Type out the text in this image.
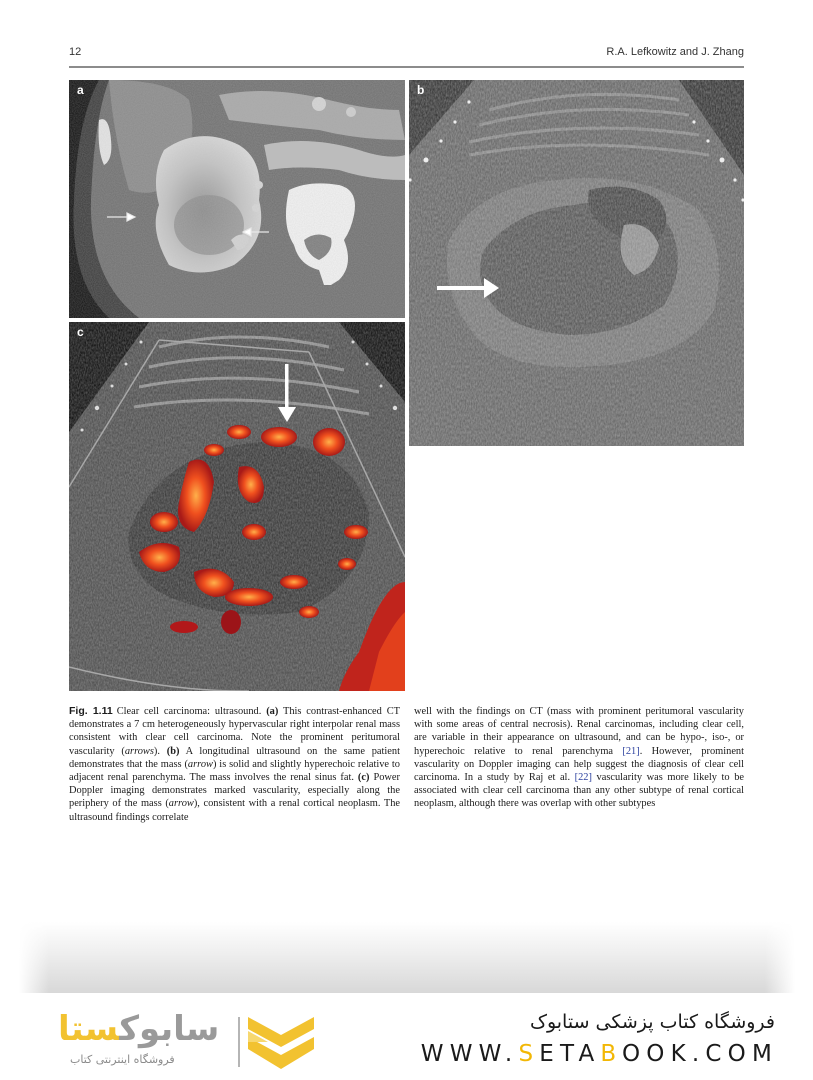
12	R.A. Lefkowitz and J. Zhang
a	b
c

Fig. 1.11 Clear cell carcinoma: ultrasound. (a) This contrast-enhanced CT demonstrates a 7 cm heterogeneously hypervascular right interpolar renal mass consistent with clear cell carcinoma. Note the prominent peritumoral vascularity (arrows). (b) A longitudinal ultrasound on the same patient demonstrates that the mass (arrow) is solid and slightly hyperechoic relative to adjacent renal parenchyma. The mass involves the renal sinus fat. (c) Power Doppler imaging demonstrates marked vascularity, especially along the periphery of the mass (arrow), consistent with a renal cortical neoplasm. The ultrasound findings correlate

well with the findings on CT (mass with prominent peritumoral vascularity with some areas of central necrosis). Renal carcinomas, including clear cell, are variable in their appearance on ultrasound, and can be hypo-, iso-, or hyperechoic relative to renal parenchyma [21]. However, prominent vascularity on Doppler imaging can help suggest the diagnosis of clear cell carcinoma. In a study by Raj et al. [22] vascularity was more likely to be associated with clear cell carcinoma than any other subtype of renal cortical neoplasm, although there was overlap with other subtypes

سابوکستا
فروشگاه اینترنتی کتاب
فروشگاه کتاب پزشکی ستابوک
WWW.SETABOOK.COM
